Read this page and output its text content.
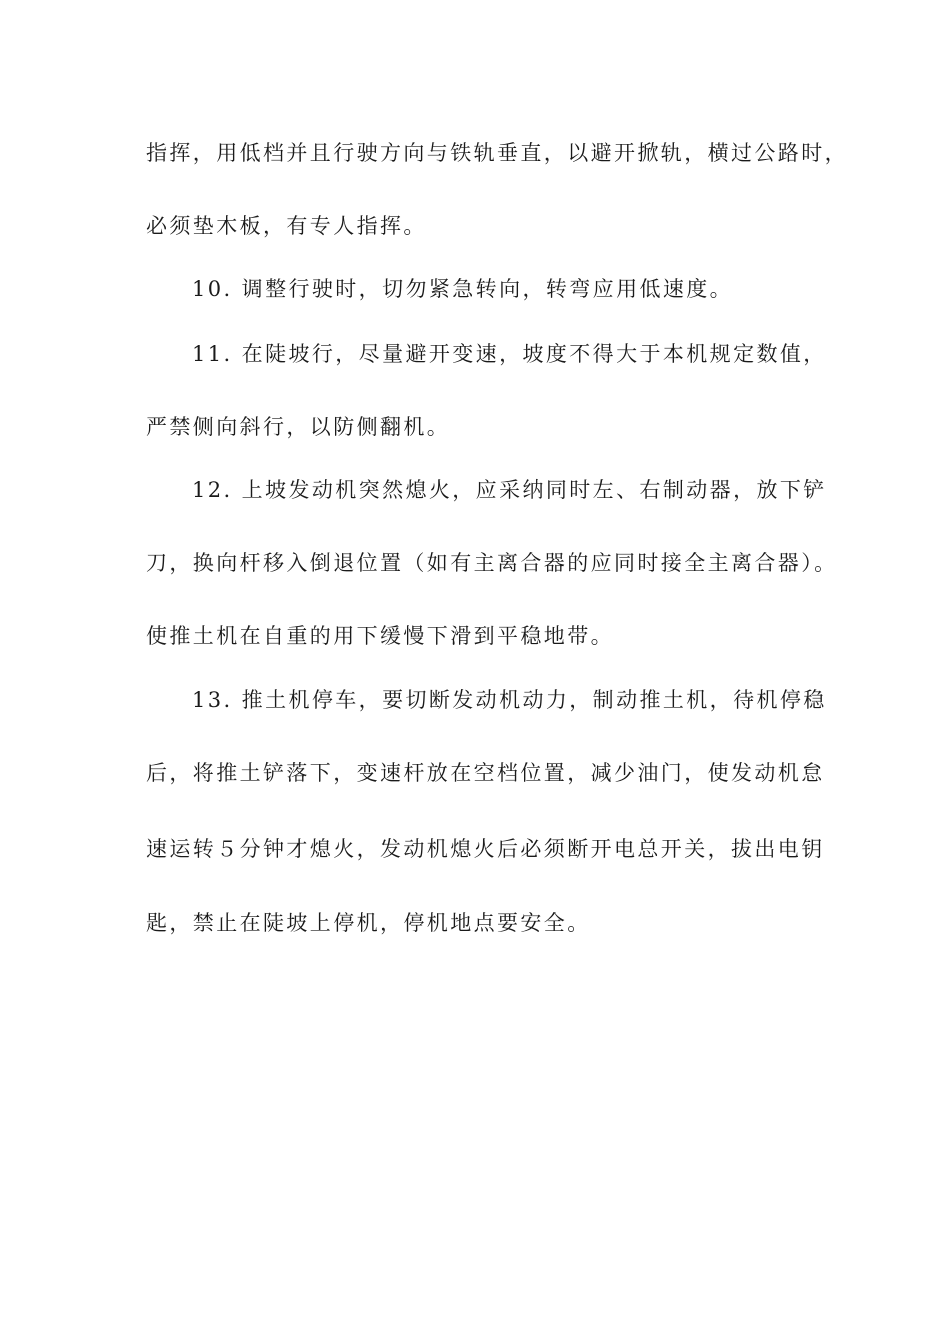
指挥，用低档并且行驶方向与铁轨垂直，以避开掀轨，横过公路时，
必须垫木板，有专人指挥。
10. 调整行驶时，切勿紧急转向，转弯应用低速度。
11. 在陡坡行，尽量避开变速，坡度不得大于本机规定数值，
严禁侧向斜行，以防侧翻机。
12. 上坡发动机突然熄火，应采纳同时左、右制动器，放下铲
刀，换向杆移入倒退位置（如有主离合器的应同时接全主离合器）。
使推土机在自重的用下缓慢下滑到平稳地带。
13. 推土机停车，要切断发动机动力，制动推土机，待机停稳
后，将推土铲落下，变速杆放在空档位置，减少油门，使发动机怠
速运转５分钟才熄火，发动机熄火后必须断开电总开关，拔出电钥
匙，禁止在陡坡上停机，停机地点要安全。
